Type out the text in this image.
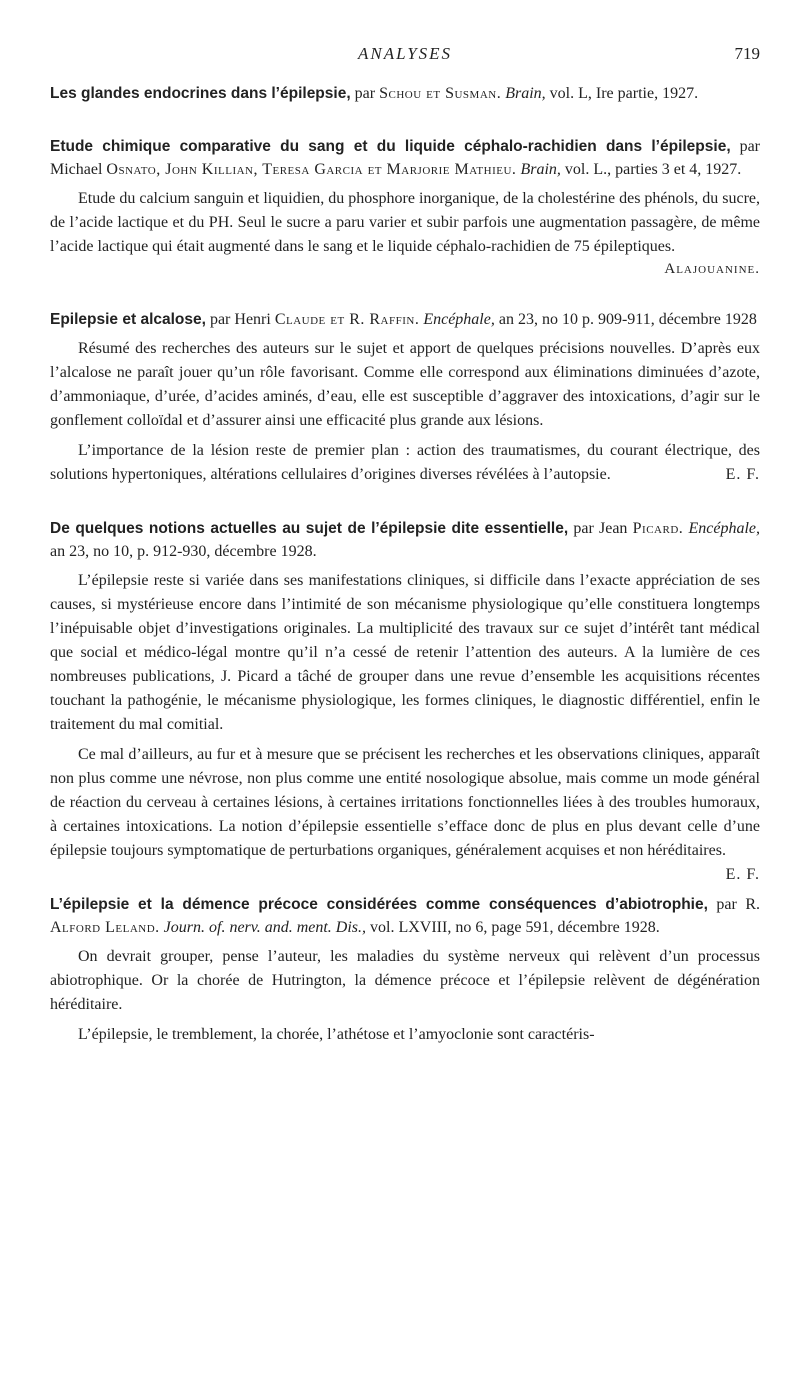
ANALYSES	719
Les glandes endocrines dans l’épilepsie, par Schou et Susman. Brain, vol. L, Ire partie, 1927.
Etude chimique comparative du sang et du liquide céphalo-rachidien dans l’épilepsie, par Michael Osnato, John Killian, Teresa Garcia et Marjorie Mathieu. Brain, vol. L., parties 3 et 4, 1927.

Etude du calcium sanguin et liquidien, du phosphore inorganique, de la cholestérine des phénols, du sucre, de l’acide lactique et du PH. Seul le sucre a paru varier et subir parfois une augmentation passagère, de même l’acide lactique qui était augmenté dans le sang et le liquide céphalo-rachidien de 75 épileptiques.

Alajouanine.
Epilepsie et alcalose, par Henri Claude et R. Raffin. Encéphale, an 23, no 10 p. 909-911, décembre 1928

Résumé des recherches des auteurs sur le sujet et apport de quelques précisions nouvelles. D’après eux l’alcalose ne paraît jouer qu’un rôle favorisant. Comme elle correspond aux éliminations diminuées d’azote, d’ammoniaque, d’urée, d’acides aminés, d’eau, elle est susceptible d’aggraver des intoxications, d’agir sur le gonflement colloïdal et d’assurer ainsi une efficacité plus grande aux lésions.

L’importance de la lésion reste de premier plan : action des traumatismes, du courant électrique, des solutions hypertoniques, altérations cellulaires d’origines diverses révélées à l’autopsie.	E. F.

De quelques notions actuelles au sujet de l’épilepsie dite essentielle, par Jean Picard. Encéphale, an 23, no 10, p. 912-930, décembre 1928.

L’épilepsie reste si variée dans ses manifestations cliniques, si difficile dans l’exacte appréciation de ses causes, si mystérieuse encore dans l’intimité de son mécanisme physiologique qu’elle constituera longtemps l’inépuisable objet d’investigations originales. La multiplicité des travaux sur ce sujet d’intérêt tant médical que social et médico-légal montre qu’il n’a cessé de retenir l’attention des auteurs. A la lumière de ces nombreuses publications, J. Picard a tâché de grouper dans une revue d’ensemble les acquisitions récentes touchant la pathogénie, le mécanisme physiologique, les formes cliniques, le diagnostic différentiel, enfin le traitement du mal comitial.

Ce mal d’ailleurs, au fur et à mesure que se précisent les recherches et les observations cliniques, apparaît non plus comme une névrose, non plus comme une entité nosologique absolue, mais comme un mode général de réaction du cerveau à certaines lésions, à certaines irritations fonctionnelles liées à des troubles humoraux, à certaines intoxications. La notion d’épilepsie essentielle s’efface donc de plus en plus devant celle d’une épilepsie toujours symptomatique de perturbations organiques, généralement acquises et non héréditaires.
E. F.

L’épilepsie et la démence précoce considérées comme conséquences d’abiotrophie, par R. Alford Leland. Journ. of. nerv. and. ment. Dis., vol. LXVIII, no 6, page 591, décembre 1928.

On devrait grouper, pense l’auteur, les maladies du système nerveux qui relèvent d’un processus abiotrophique. Or la chorée de Hutrington, la démence précoce et l’épilepsie relèvent de dégénération héréditaire.

L’épilepsie, le tremblement, la chorée, l’athétose et l’amyoclonie sont caractéris-
